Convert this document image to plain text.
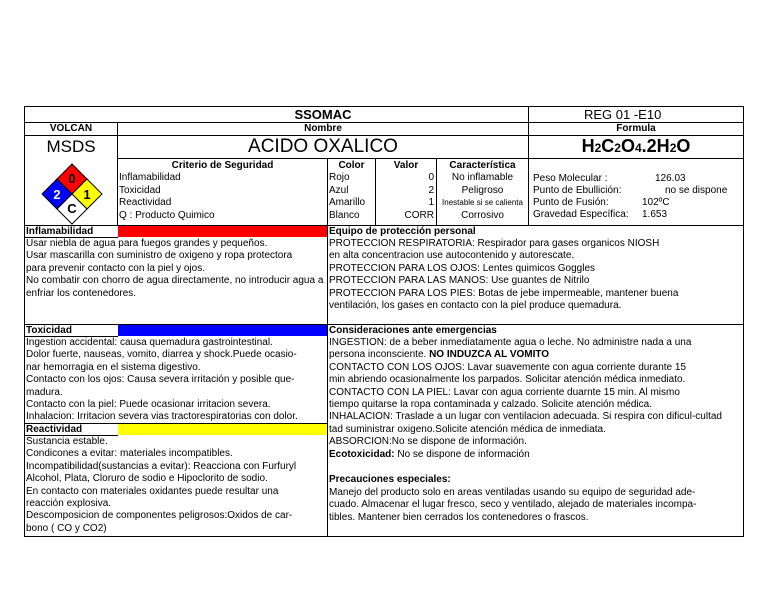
SSOMAC	REG 01 -E10
VOLCAN	Nombre	Formula
MSDS	ACIDO OXALICO	H2C2O4.2H2O
0
2 1
C
Criterio de Seguridad	Color	Valor	Característica
Inflamabilidad	Rojo	0	No inflamable
Toxicidad	Azul	2	Peligroso
Reactividad	Amarillo	1	Inestable si se calienta
Q : Producto Quimico	Blanco	CORR	Corrosivo
Peso Molecular :	126.03
Punto de Ebullición:	no se dispone
Punto de Fusión:	102ºC
Gravedad Específica: 1.653
Inflamabilidad
Usar niebla de agua para fuegos grandes y pequeños.
Usar mascarilla con suministro de oxigeno y ropa protectora
para prevenir contacto con la piel y ojos.
No combatir con chorro de agua directamente, no introducir agua a
enfriar los contenedores.
Toxicidad
Ingestion accidental: causa quemadura gastrointestinal.
Dolor fuerte, nauseas, vomito, diarrea y shock.Puede ocasio-
nar hemorragia en el sistema digestivo.
Contacto con los ojos: Causa severa irritación y posible que-
madura.
Contacto con la piel: Puede ocasionar irritacion severa.
Inhalacion: Irritacion severa vias tractorespiratorias con dolor.
Reactividad
Sustancia estable.
Condicones a evitar: materiales incompatibles.
Incompatibilidad(sustancias a evitar): Reacciona con Furfuryl
Alcohol, Plata, Cloruro de sodio e Hipoclorito de sodio.
En contacto con materiales oxidantes puede resultar una
reacción explosiva.
Descomposicion de componentes peligrosos:Oxidos de car-
bono ( CO y CO2)
Equipo de protección personal
PROTECCION RESPIRATORIA: Respirador para gases organicos NIOSH
en alta concentracion use autocontenido y autorescate.
PROTECCION PARA LOS OJOS: Lentes quimicos Goggles
PROTECCION PARA LAS MANOS: Use guantes de Nitrilo
PROTECCION PARA LOS PIES: Botas de jebe impermeable, mantener buena
ventilación, los gases en contacto con la piel produce quemadura.
Consideraciones ante emergencias
INGESTION: de a beber inmediatamente agua o leche. No administre nada a una
persona inconsciente. NO INDUZCA AL VOMITO
CONTACTO CON LOS OJOS: Lavar suavemente con agua corriente durante 15
min abriendo ocasionalmente los parpados. Solicitar atención médica inmediato.
CONTACTO CON LA PIEL: Lavar con agua corriente duarnte 15 min. Al mismo
tiempo quitarse la ropa contaminada y calzado. Solicite atención médica.
INHALACION: Traslade a un lugar con ventilacion adecuada. Si respira con dificul-cultad
tad suministrar oxigeno.Solicite atención médica de inmediata.
ABSORCION:No se dispone de información.
Ecotoxicidad: No se dispone de información
Precauciones especiales:
Manejo del producto solo en areas ventiladas usando su equipo de seguridad ade-
cuado. Almacenar el lugar fresco, seco y ventilado, alejado de materiales incompa-
tibles. Mantener bien cerrados los contenedores o frascos.
